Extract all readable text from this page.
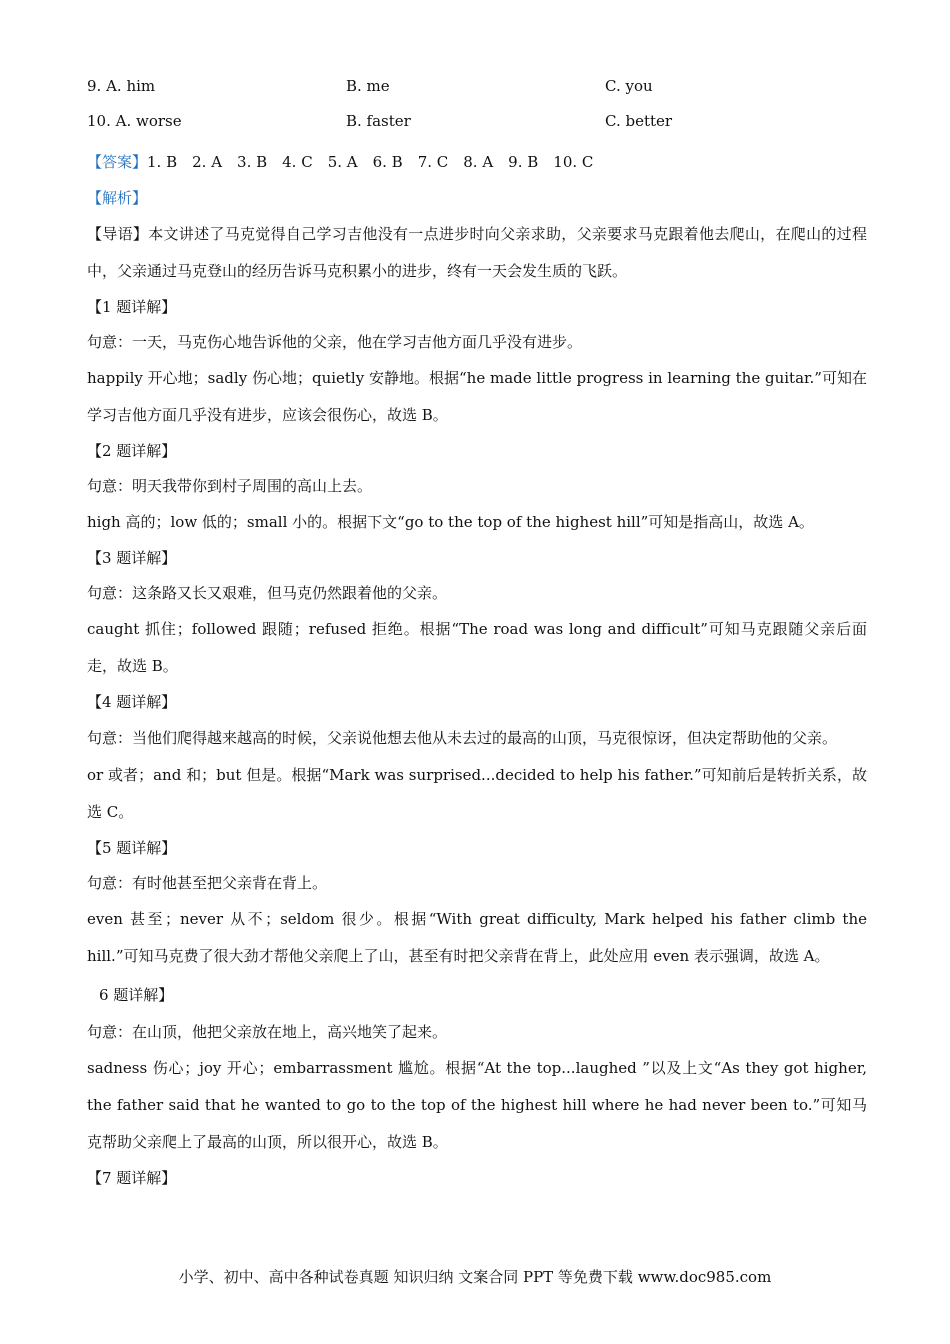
9. A. him	B. me	C. you
10. A. worse	B. faster	C. better
【答案】1. B　2. A　3. B　4. C　5. A　6. B　7. C　8. A　9. B　10. C
【解析】
【导语】本文讲述了马克觉得自己学习吉他没有一点进步时向父亲求助，父亲要求马克跟着他去爬山，在爬山的过程中，父亲通过马克登山的经历告诉马克积累小的进步，终有一天会发生质的飞跃。
【1 题详解】
句意：一天，马克伤心地告诉他的父亲，他在学习吉他方面几乎没有进步。
happily 开心地；sadly 伤心地；quietly 安静地。根据“he made little progress in learning the guitar.”可知在学习吉他方面几乎没有进步，应该会很伤心，故选 B。
【2 题详解】
句意：明天我带你到村子周围的高山上去。
high 高的；low 低的；small 小的。根据下文“go to the top of the highest hill”可知是指高山，故选 A。
【3 题详解】
句意：这条路又长又艰难，但马克仍然跟着他的父亲。
caught 抓住；followed 跟随；refused 拒绝。根据“The road was long and difficult”可知马克跟随父亲后面走，故选 B。
【4 题详解】
句意：当他们爬得越来越高的时候，父亲说他想去他从未去过的最高的山顶，马克很惊讶，但决定帮助他的父亲。
or 或者；and 和；but 但是。根据“Mark was surprised...decided to help his father.”可知前后是转折关系，故选 C。
【5 题详解】
句意：有时他甚至把父亲背在背上。
even 甚至；never 从不；seldom 很少。根据“With great difficulty, Mark helped his father climb the hill.”可知马克费了很大劲才帮他父亲爬上了山，甚至有时把父亲背在背上，此处应用 even 表示强调，故选 A。
6 题详解】
句意：在山顶，他把父亲放在地上，高兴地笑了起来。
sadness 伤心；joy 开心；embarrassment 尴尬。根据“At the top...laughed ”以及上文“As they got higher, the father said that he wanted to go to the top of the highest hill where he had never been to.”可知马克帮助父亲爬上了最高的山顶，所以很开心，故选 B。
【7 题详解】
小学、初中、高中各种试卷真题 知识归纳 文案合同 PPT 等免费下载 www.doc985.com
